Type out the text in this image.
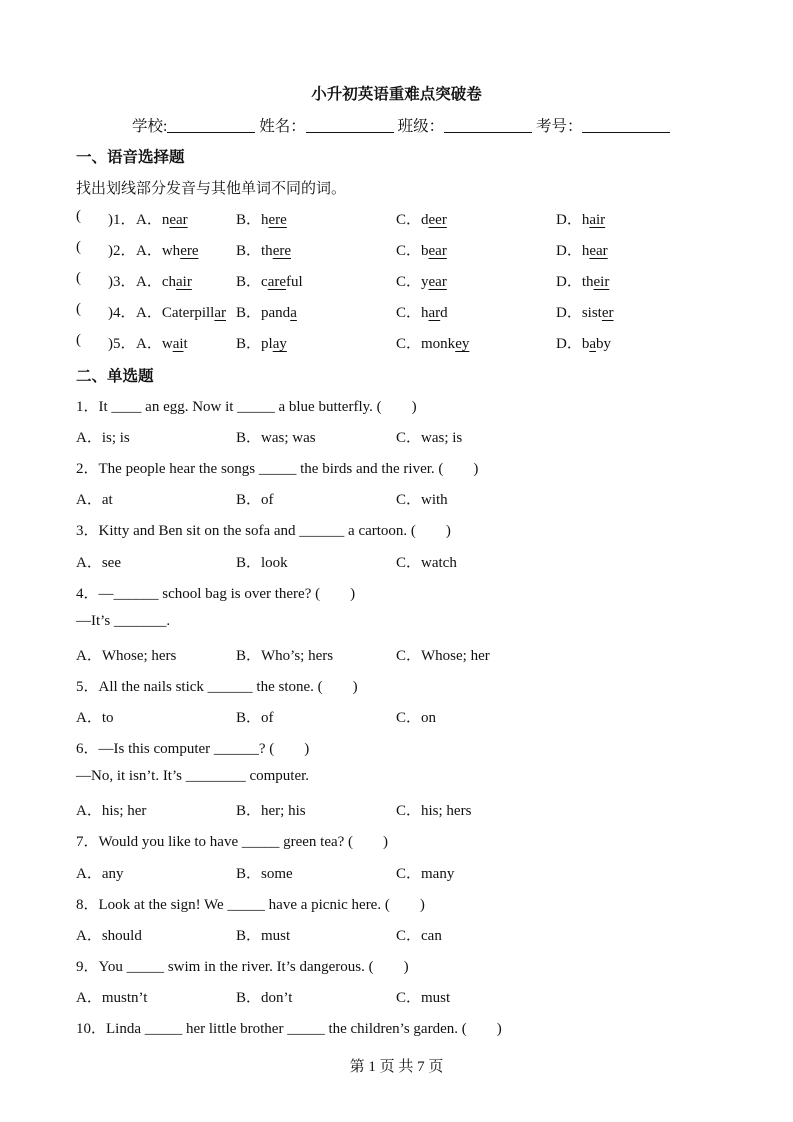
小升初英语重难点突破卷
学校:	姓名：	班级：	考号：
一、语音选择题
找出划线部分发音与其他单词不同的词。
( )1． A．near	B．here	C．deer	D．hair
( )2． A．where	B．there	C．bear	D．hear
( )3． A．chair	B．careful	C．year	D．their
( )4． A．Caterpillar B．panda	C．hard	D．sister
( )5． A．wait	B．play	C．monkey	D．baby
二、单选题
1．It ____ an egg. Now it _____ a blue butterfly. (　　)
A．is; is	B．was; was	C．was; is
2．The people hear the songs _____ the birds and the river. (　　)
A．at	B．of	C．with
3．Kitty and Ben sit on the sofa and ______ a cartoon. (　　)
A．see	B．look	C．watch
4．—______ school bag is over there? (　　)
—It’s _______.
A．Whose; hers	B．Who’s; hers	C．Whose; her
5．All the nails stick ______ the stone. (　　)
A．to	B．of	C．on
6．—Is this computer ______? (　　)
—No, it isn’t. It’s ________ computer.
A．his; her	B．her; his	C．his; hers
7．Would you like to have _____ green tea? (　　)
A．any	B．some	C．many
8．Look at the sign! We _____ have a picnic here. (　　)
A．should	B．must	C．can
9．You _____ swim in the river. It’s dangerous. (　　)
A．mustn’t	B．don’t	C．must
10．Linda _____ her little brother _____ the children’s garden. (　　)
第 1 页 共 7 页
